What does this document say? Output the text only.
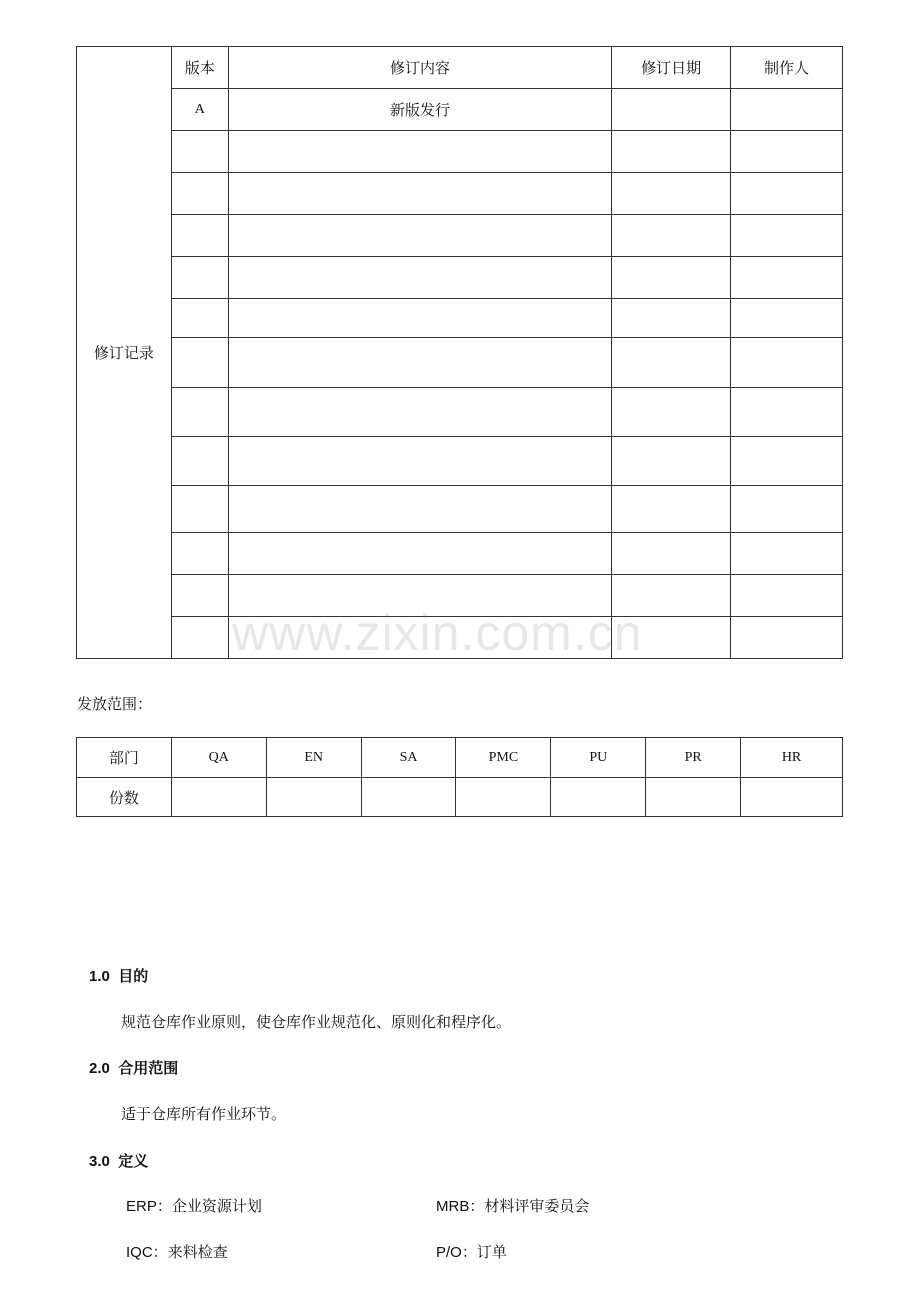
修订记录	版本	修订内容	修订日期	制作人
	A	新版发行		

www.zixin.com.cn
发放范围：
部门	QA	EN	SA	PMC	PU	PR	HR
份数							
1.0 目的
规范仓库作业原则，使仓库作业规范化、原则化和程序化。
2.0 合用范围
适于仓库所有作业环节。
3.0 定义
ERP：企业资源计划	MRB：材料评审委员会
IQC：来料检查	P/O：订单
